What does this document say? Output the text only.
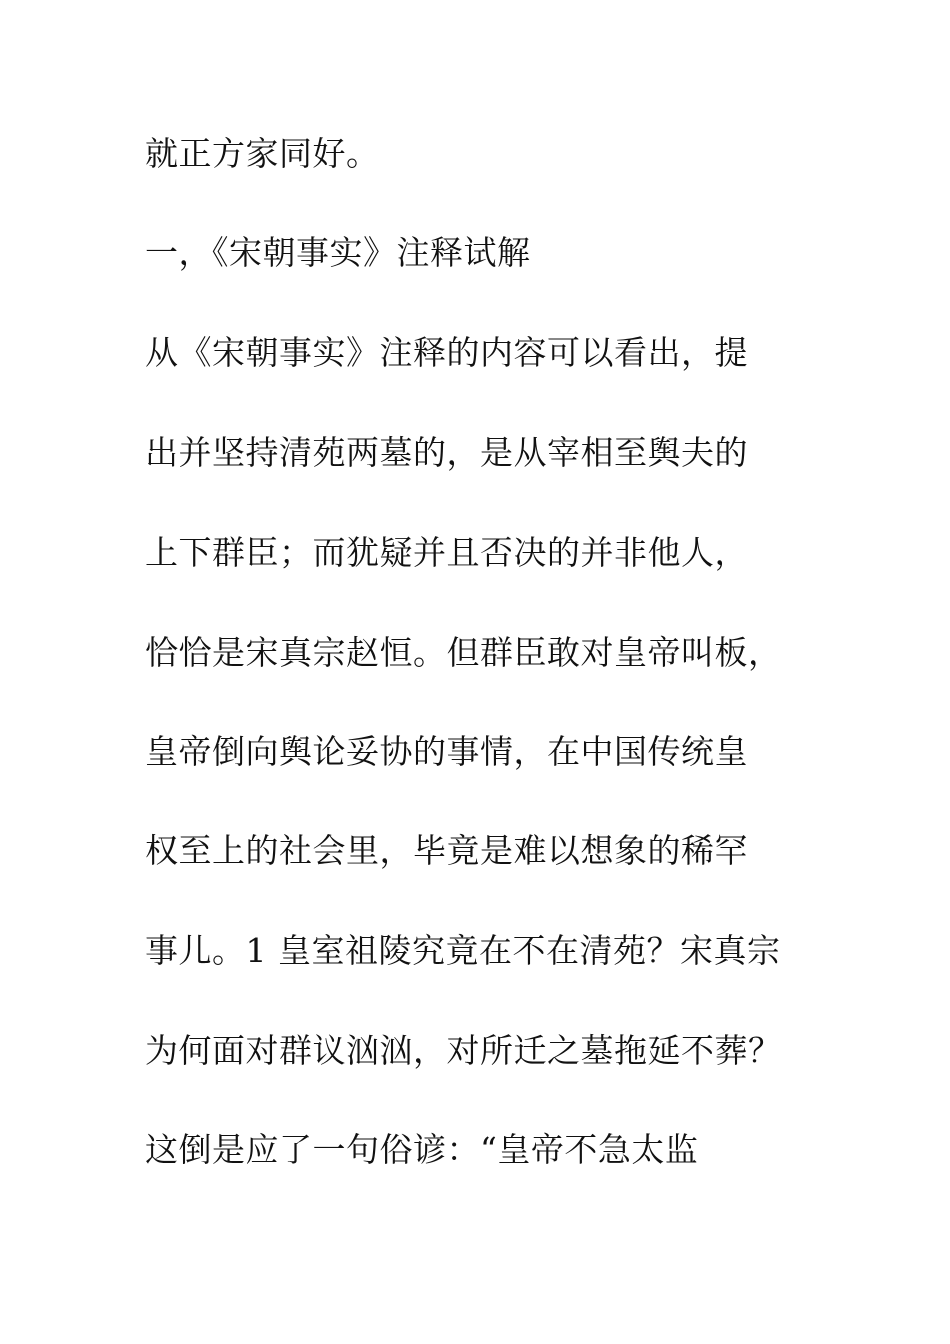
就正方家同好。
一，《宋朝事实》注释试解
从《宋朝事实》注释的内容可以看出，提
出并坚持清苑两墓的，是从宰相至舆夫的
上下群臣；而犹疑并且否决的并非他人，
恰恰是宋真宗赵恒。但群臣敢对皇帝叫板，
皇帝倒向舆论妥协的事情，在中国传统皇
权至上的社会里，毕竟是难以想象的稀罕
事儿。1 皇室祖陵究竟在不在清苑？宋真宗
为何面对群议汹汹，对所迁之墓拖延不葬？
这倒是应了一句俗谚：“皇帝不急太监
